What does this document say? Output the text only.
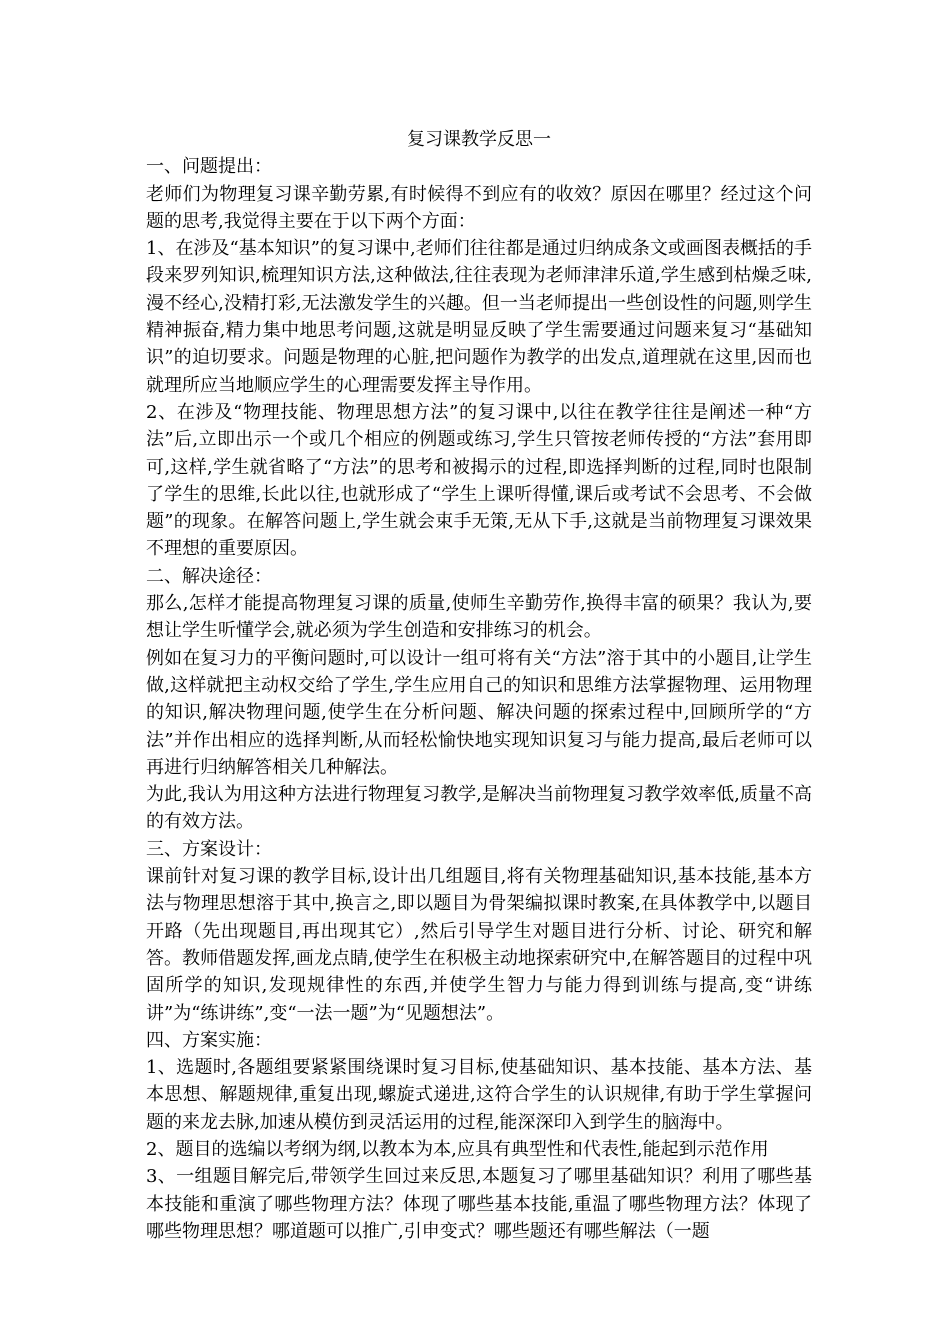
复习课教学反思一

一、问题提出：

老师们为物理复习课辛勤劳累,有时候得不到应有的收效？原因在哪里？经过这个问题的思考,我觉得主要在于以下两个方面：

1、在涉及“基本知识”的复习课中,老师们往往都是通过归纳成条文或画图表概括的手段来罗列知识,梳理知识方法,这种做法,往往表现为老师津津乐道,学生感到枯燥乏味,漫不经心,没精打彩,无法激发学生的兴趣。但一当老师提出一些创设性的问题,则学生精神振奋,精力集中地思考问题,这就是明显反映了学生需要通过问题来复习“基础知识”的迫切要求。问题是物理的心脏,把问题作为教学的出发点,道理就在这里,因而也就理所应当地顺应学生的心理需要发挥主导作用。

2、在涉及“物理技能、物理思想方法”的复习课中,以往在教学往往是阐述一种“方法”后,立即出示一个或几个相应的例题或练习,学生只管按老师传授的“方法”套用即可,这样,学生就省略了“方法”的思考和被揭示的过程,即选择判断的过程,同时也限制了学生的思维,长此以往,也就形成了“学生上课听得懂,课后或考试不会思考、不会做题”的现象。在解答问题上,学生就会束手无策,无从下手,这就是当前物理复习课效果不理想的重要原因。

二、解决途径：

那么,怎样才能提高物理复习课的质量,使师生辛勤劳作,换得丰富的硕果？我认为,要想让学生听懂学会,就必须为学生创造和安排练习的机会。

例如在复习力的平衡问题时,可以设计一组可将有关“方法”溶于其中的小题目,让学生做,这样就把主动权交给了学生,学生应用自己的知识和思维方法掌握物理、运用物理的知识,解决物理问题,使学生在分析问题、解决问题的探索过程中,回顾所学的“方法”并作出相应的选择判断,从而轻松愉快地实现知识复习与能力提高,最后老师可以再进行归纳解答相关几种解法。

为此,我认为用这种方法进行物理复习教学,是解决当前物理复习教学效率低,质量不高的有效方法。

三、方案设计：

课前针对复习课的教学目标,设计出几组题目,将有关物理基础知识,基本技能,基本方法与物理思想溶于其中,换言之,即以题目为骨架编拟课时教案,在具体教学中,以题目开路（先出现题目,再出现其它）,然后引导学生对题目进行分析、讨论、研究和解答。教师借题发挥,画龙点睛,使学生在积极主动地探索研究中,在解答题目的过程中巩固所学的知识,发现规律性的东西,并使学生智力与能力得到训练与提高,变“讲练讲”为“练讲练”,变“一法一题”为“见题想法”。

四、方案实施：

1、选题时,各题组要紧紧围绕课时复习目标,使基础知识、基本技能、基本方法、基本思想、解题规律,重复出现,螺旋式递进,这符合学生的认识规律,有助于学生掌握问题的来龙去脉,加速从模仿到灵活运用的过程,能深深印入到学生的脑海中。

2、题目的选编以考纲为纲,以教本为本,应具有典型性和代表性,能起到示范作用

3、一组题目解完后,带领学生回过来反思,本题复习了哪里基础知识？利用了哪些基本技能和重演了哪些物理方法？体现了哪些基本技能,重温了哪些物理方法？体现了哪些物理思想？哪道题可以推广,引申变式？哪些题还有哪些解法（一题
